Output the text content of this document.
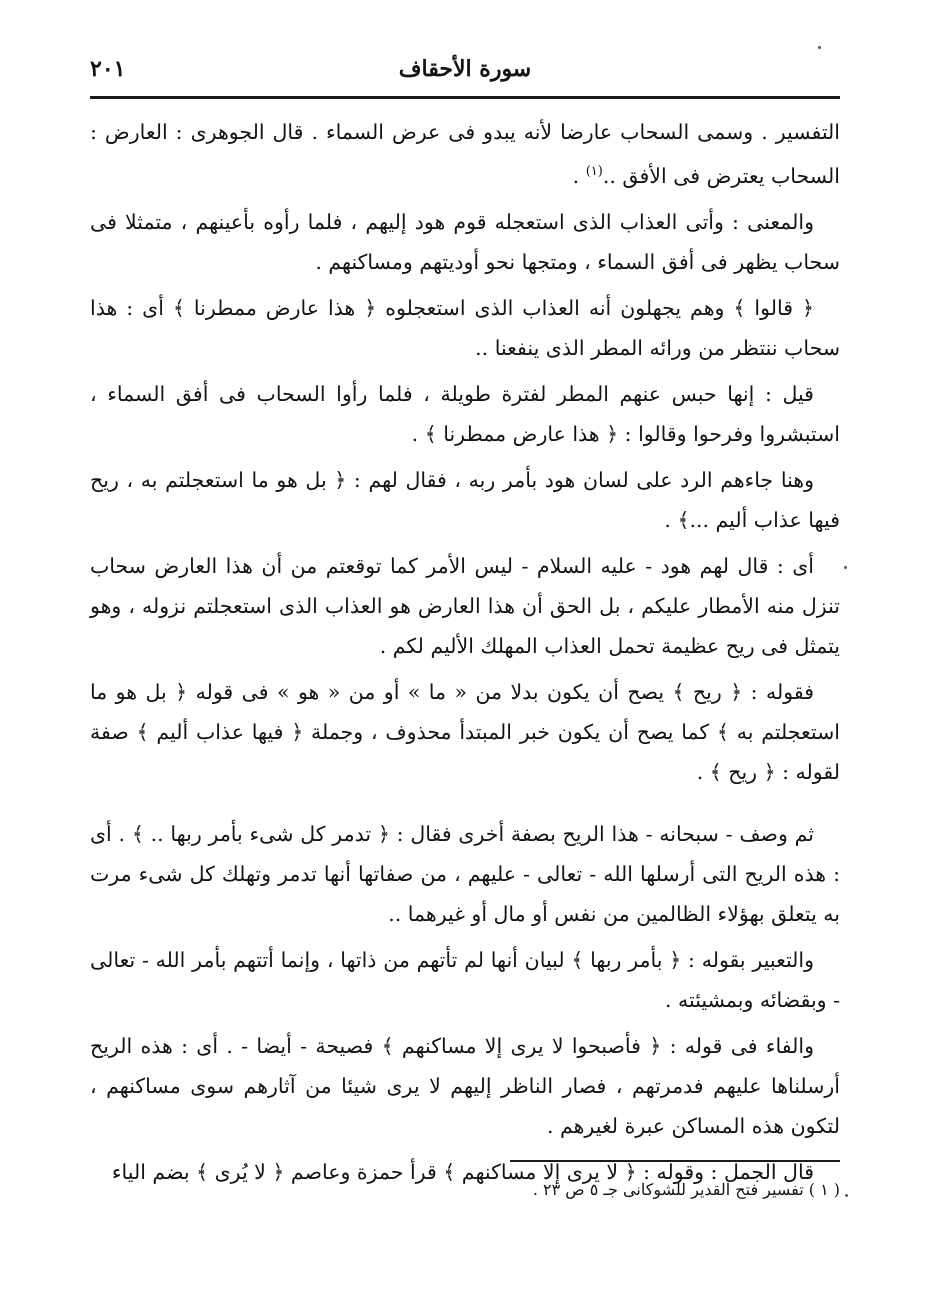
سورة الأحقاف
٢٠١

التفسير . وسمى السحاب عارضا لأنه يبدو فى عرض السماء . قال الجوهرى : العارض : السحاب يعترض فى الأفق ..$^{(١)}$ .

والمعنى : وأتى العذاب الذى استعجله قوم هود إليهم ، فلما رأوه بأعينهم ، متمثلا فى سحاب يظهر فى أفق السماء ، ومتجها نحو أوديتهم ومساكنهم .

﴿ قالوا ﴾ وهم يجهلون أنه العذاب الذى استعجلوه ﴿ هذا عارض ممطرنا ﴾ أى : هذا سحاب ننتظر من ورائه المطر الذى ينفعنا ..

قيل : إنها حبس عنهم المطر لفترة طويلة ، فلما رأوا السحاب فى أفق السماء ، استبشروا وفرحوا وقالوا : ﴿ هذا عارض ممطرنا ﴾ .

وهنا جاءهم الرد على لسان هود بأمر ربه ، فقال لهم : ﴿ بل هو ما استعجلتم به ، ريح فيها عذاب أليم ...﴾ .

أى : قال لهم هود - عليه السلام - ليس الأمر كما توقعتم من أن هذا العارض سحاب تنزل منه الأمطار عليكم ، بل الحق أن هذا العارض هو العذاب الذى استعجلتم نزوله ، وهو يتمثل فى ريح عظيمة تحمل العذاب المهلك الأليم لكم .

فقوله : ﴿ ريح ﴾ يصح أن يكون بدلا من « ما » أو من « هو » فى قوله ﴿ بل هو ما استعجلتم به ﴾ كما يصح أن يكون خبر المبتدأ محذوف ، وجملة ﴿ فيها عذاب أليم ﴾ صفة لقوله : ﴿ ريح ﴾ .

ثم وصف - سبحانه - هذا الريح بصفة أخرى فقال : ﴿ تدمر كل شىء بأمر ربها .. ﴾ . أى : هذه الريح التى أرسلها الله - تعالى - عليهم ، من صفاتها أنها تدمر وتهلك كل شىء مرت به يتعلق بهؤلاء الظالمين من نفس أو مال أو غيرهما ..

والتعبير بقوله : ﴿ بأمر ربها ﴾ لبيان أنها لم تأتهم من ذاتها ، وإنما أتتهم بأمر الله - تعالى - وبقضائه وبمشيئته .

والفاء فى قوله : ﴿ فأصبحوا لا يرى إلا مساكنهم ﴾ فصيحة - أيضا - . أى : هذه الريح أرسلناها عليهم فدمرتهم ، فصار الناظر إليهم لا يرى شيئا من آثارهم سوى مساكنهم ، لتكون هذه المساكن عبرة لغيرهم .

قال الجمل : وقوله : ﴿ لا يرى إلا مساكنهم ﴾ قرأ حمزة وعاصم ﴿ لا يُرى ﴾ بضم الياء

( ١ ) تفسير فتح القدير للشوكانى جـ ٥ ص ٢٣ .
